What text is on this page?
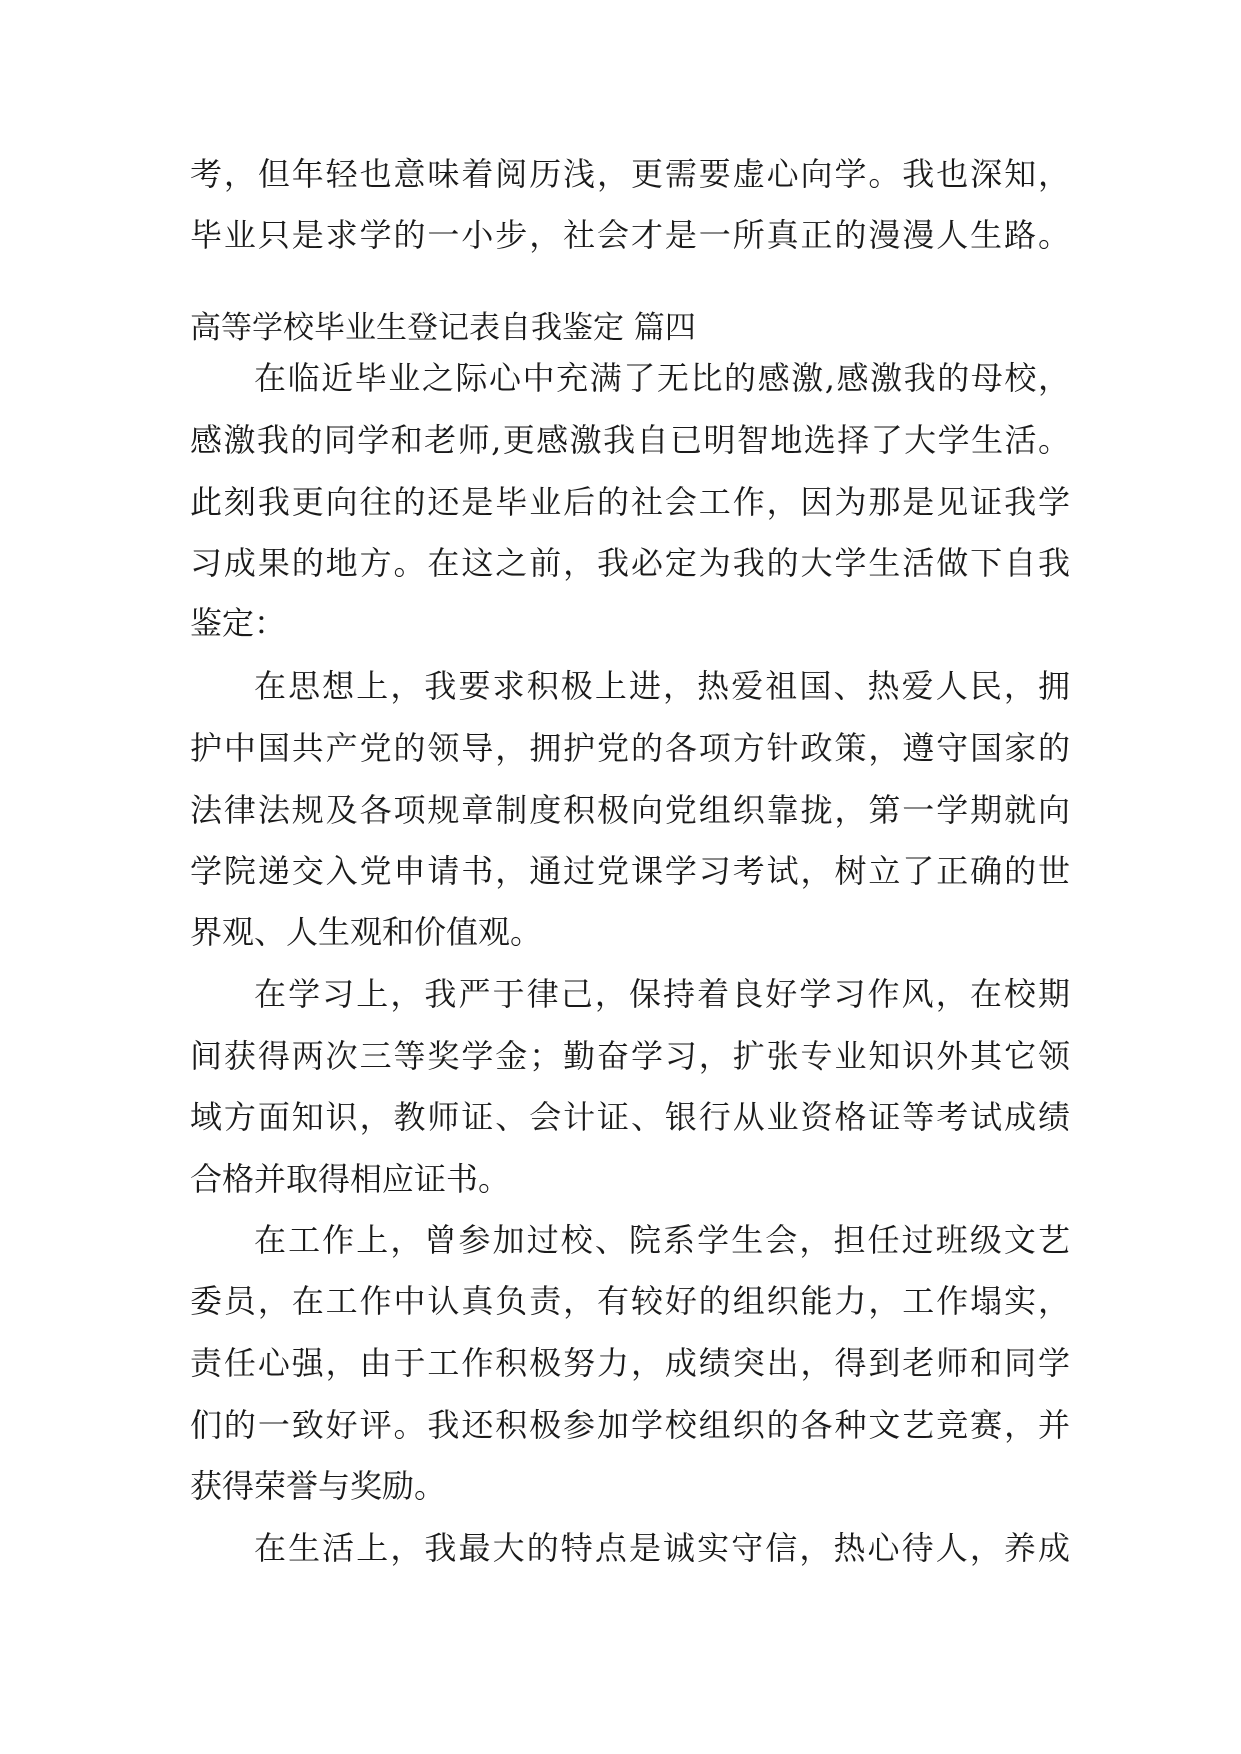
考，但年轻也意味着阅历浅，更需要虚心向学。我也深知，
毕业只是求学的一小步，社会才是一所真正的漫漫人生路。
高等学校毕业生登记表自我鉴定 篇四
在临近毕业之际心中充满了无比的感激,感激我的母校，
感激我的同学和老师,更感激我自已明智地选择了大学生活。
此刻我更向往的还是毕业后的社会工作，因为那是见证我学
习成果的地方。在这之前，我必定为我的大学生活做下自我
鉴定：
在思想上，我要求积极上进，热爱祖国、热爱人民，拥
护中国共产党的领导，拥护党的各项方针政策，遵守国家的
法律法规及各项规章制度积极向党组织靠拢，第一学期就向
学院递交入党申请书，通过党课学习考试，树立了正确的世
界观、人生观和价值观。
在学习上，我严于律己，保持着良好学习作风，在校期
间获得两次三等奖学金；勤奋学习，扩张专业知识外其它领
域方面知识，教师证、会计证、银行从业资格证等考试成绩
合格并取得相应证书。
在工作上，曾参加过校、院系学生会，担任过班级文艺
委员，在工作中认真负责，有较好的组织能力，工作塌实，
责任心强，由于工作积极努力，成绩突出，得到老师和同学
们的一致好评。我还积极参加学校组织的各种文艺竞赛，并
获得荣誉与奖励。
在生活上，我最大的特点是诚实守信，热心待人，养成
